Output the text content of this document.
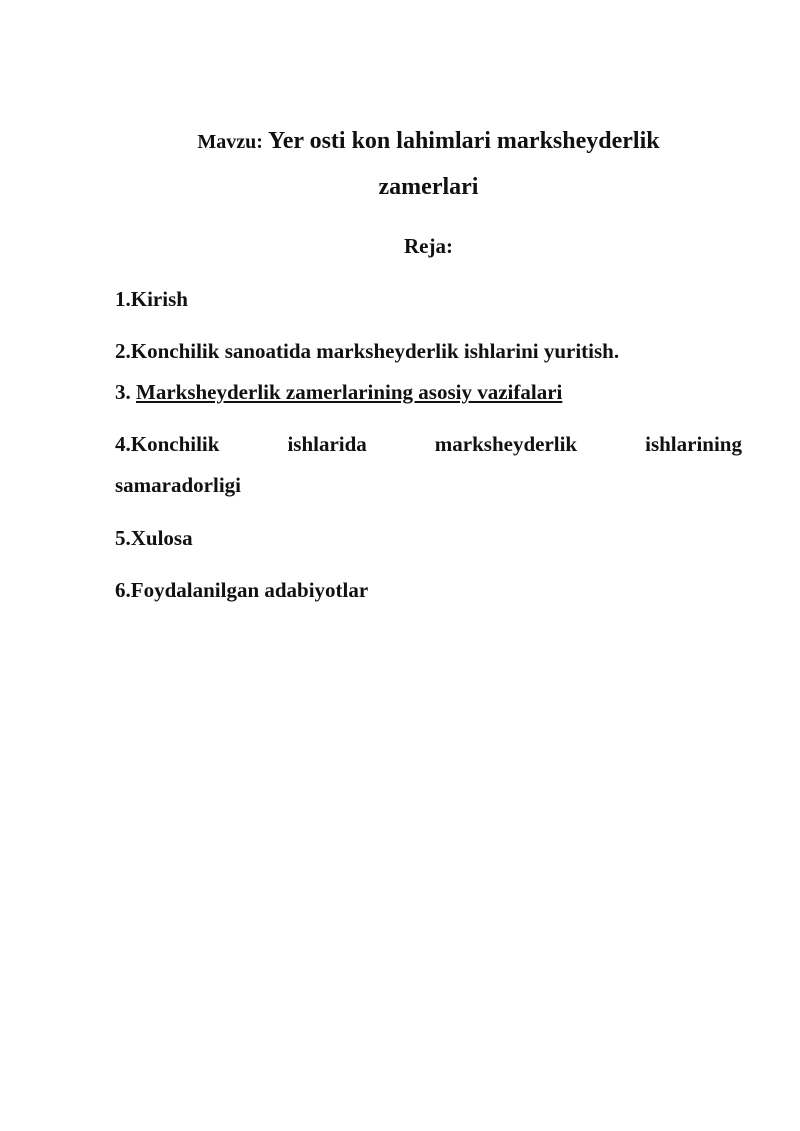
Mavzu: Yer osti kon lahimlari marksheyderlik
zamerlari
Reja:
1.Kirish
2.Konchilik sanoatida marksheyderlik ishlarini yuritish.
3. Marksheyderlik zamerlarining asosiy vazifalari
4.Konchilik	ishlarida	marksheyderlik	ishlarining
samaradorligi
5.Xulosa
6.Foydalanilgan adabiyotlar
